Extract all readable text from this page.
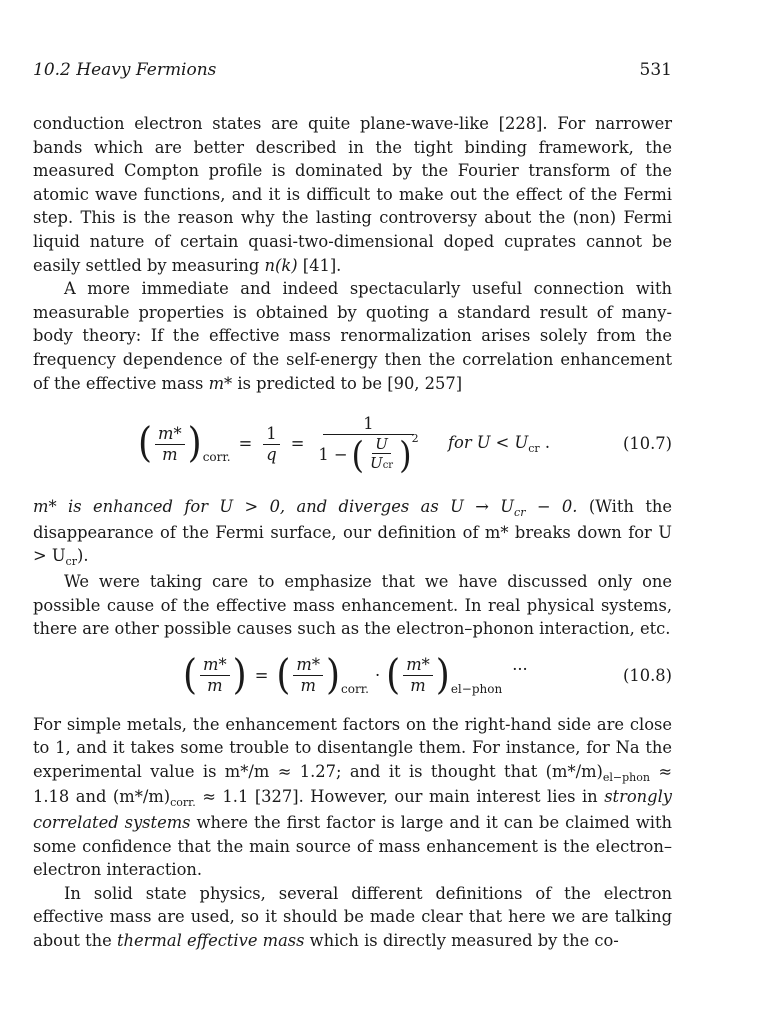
10.2 Heavy Fermions	531

conduction electron states are quite plane-wave-like [228]. For narrower bands which are better described in the tight binding framework, the measured Compton profile is dominated by the Fourier transform of the atomic wave functions, and it is difficult to make out the effect of the Fermi step. This is the reason why the lasting controversy about the (non) Fermi liquid nature of certain quasi-two-dimensional doped cuprates cannot be easily settled by measuring n(k) [41].

A more immediate and indeed spectacularly useful connection with measurable properties is obtained by quoting a standard result of many-body theory: If the effective mass renormalization arises solely from the frequency dependence of the self-energy then the correlation enhancement of the effective mass m* is predicted to be [90, 257]

( $\frac{m*}{m}$ ) corr.
= $\frac{1}{q}$ =
1
1 − ( $\frac{U}{\text{Ucr}}$ ) 2 for $U < U_{cr}$ .	(10.7)

m* is enhanced for U > 0, and diverges as $U \to U_{cr} - 0$. (With the disappearance of the Fermi surface, our definition of m* breaks down for $U > U_{cr}$).

We were taking care to emphasize that we have discussed only one possible cause of the effective mass enhancement. In real physical systems, there are other possible causes such as the electron–phonon interaction, etc.

( $\frac{m*}{m}$ ) = ( $\frac{m*}{m}$ ) corr.
· ( $\frac{m*}{m}$ ) el−phon
···	(10.8)

For simple metals, the enhancement factors on the right-hand side are close to 1, and it takes some trouble to disentangle them. For instance, for Na the experimental value is m*/m ≈ 1.27; and it is thought that $(m*/m)_{el-phon} \approx 1.18$ and $(m*/m)_{corr.} \approx 1.1$ [327]. However, our main interest lies in strongly correlated systems where the first factor is large and it can be claimed with some confidence that the main source of mass enhancement is the electron–electron interaction.

In solid state physics, several different definitions of the electron effective mass are used, so it should be made clear that here we are talking about the thermal effective mass which is directly measured by the co-
